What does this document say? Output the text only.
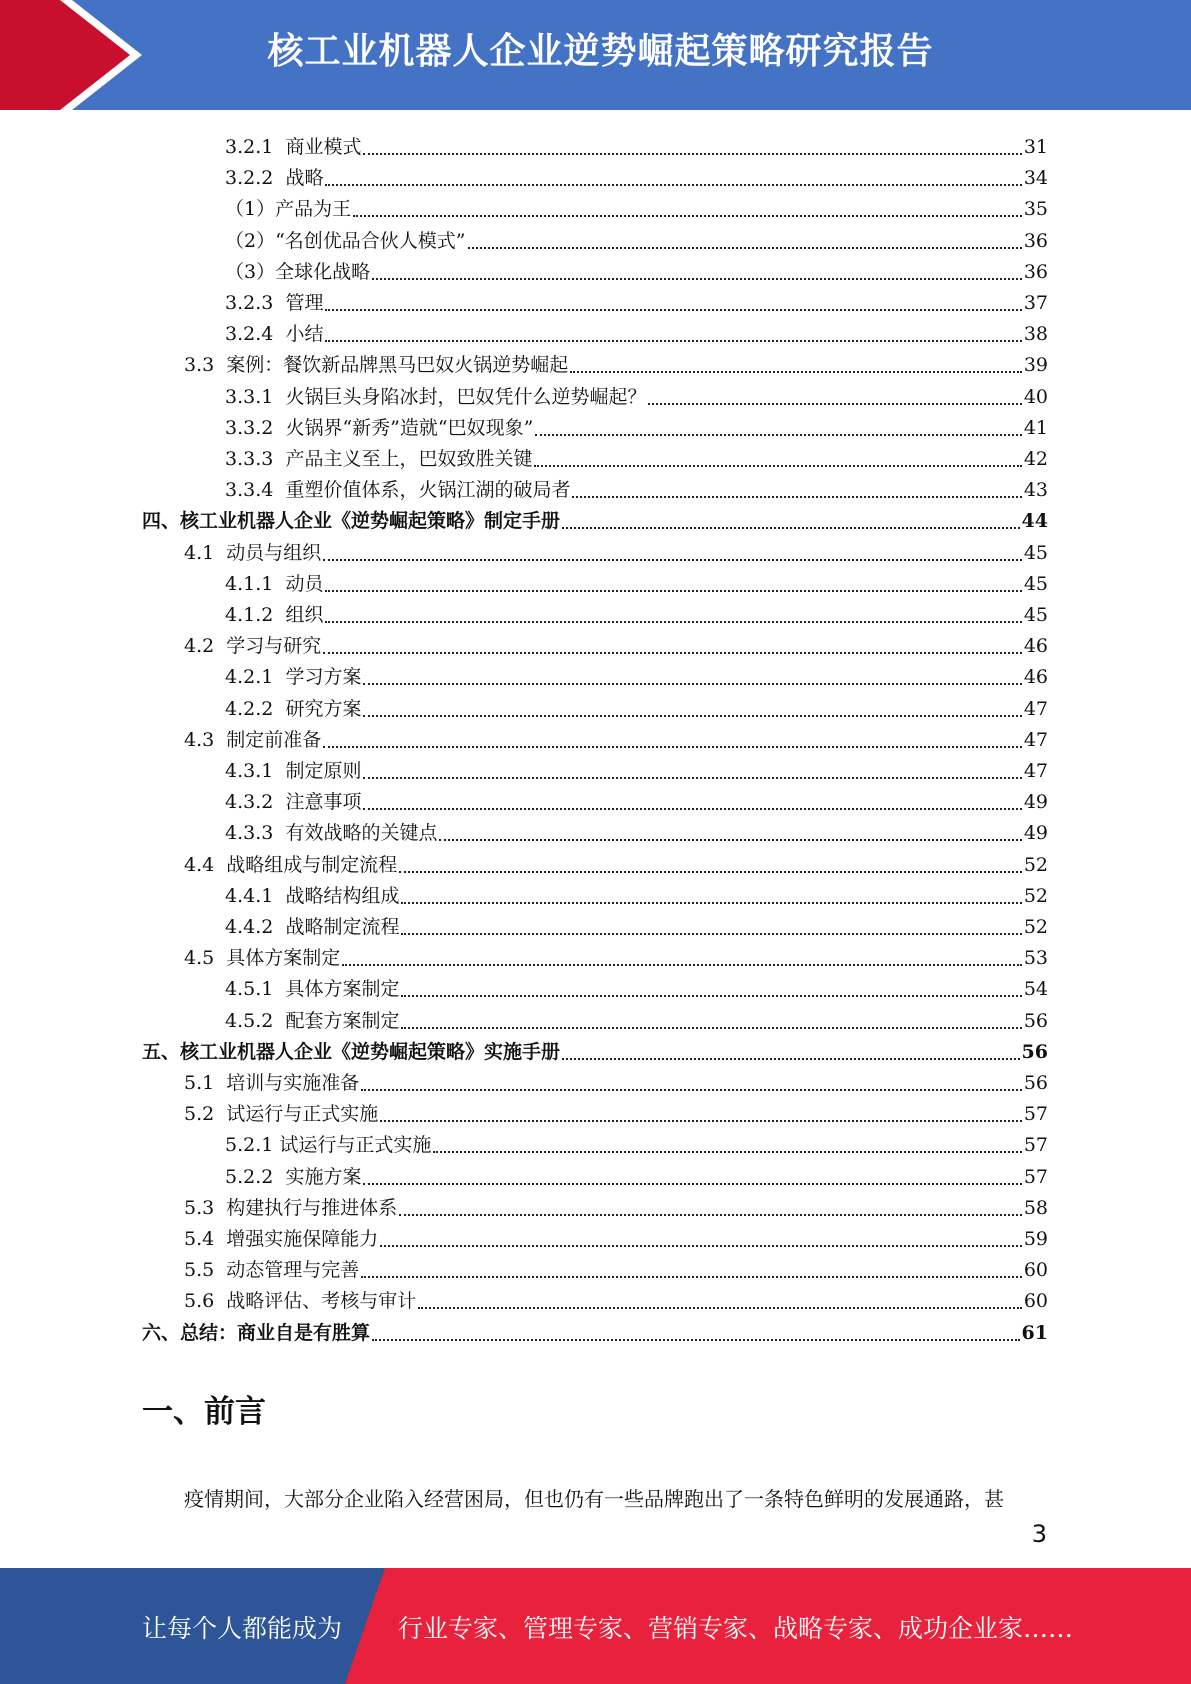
核工业机器人企业逆势崛起策略研究报告
3.2.1 商业模式	31
3.2.2 战略	34
（1） 产品为王	35
（2） “名创优品合伙人模式”	36
（3） 全球化战略	36
3.2.3 管理	37
3.2.4 小结	38
3.3 案例：餐饮新品牌黑马巴奴火锅逆势崛起	39
3.3.1 火锅巨头身陷冰封，巴奴凭什么逆势崛起？	40
3.3.2 火锅界“新秀”造就“巴奴现象”	41
3.3.3 产品主义至上，巴奴致胜关键	42
3.3.4 重塑价值体系，火锅江湖的破局者	43
四、核工业机器人企业《逆势崛起策略》制定手册	44
4.1 动员与组织	45
4.1.1 动员	45
4.1.2 组织	45
4.2 学习与研究	46
4.2.1 学习方案	46
4.2.2 研究方案	47
4.3 制定前准备	47
4.3.1 制定原则	47
4.3.2 注意事项	49
4.3.3 有效战略的关键点	49
4.4 战略组成与制定流程	52
4.4.1 战略结构组成	52
4.4.2 战略制定流程	52
4.5 具体方案制定	53
4.5.1 具体方案制定	54
4.5.2 配套方案制定	56
五、核工业机器人企业《逆势崛起策略》实施手册	56
5.1 培训与实施准备	56
5.2 试运行与正式实施	57
5.2.1 试运行与正式实施	57
5.2.2 实施方案	57
5.3 构建执行与推进体系	58
5.4 增强实施保障能力	59
5.5 动态管理与完善	60
5.6 战略评估、考核与审计	60
六、总结：商业自是有胜算	61
一、前言
疫情期间，大部分企业陷入经营困局，但也仍有一些品牌跑出了一条特色鲜明的发展通路，甚
3
让每个人都能成为 行业专家、管理专家、营销专家、战略专家、成功企业家……
